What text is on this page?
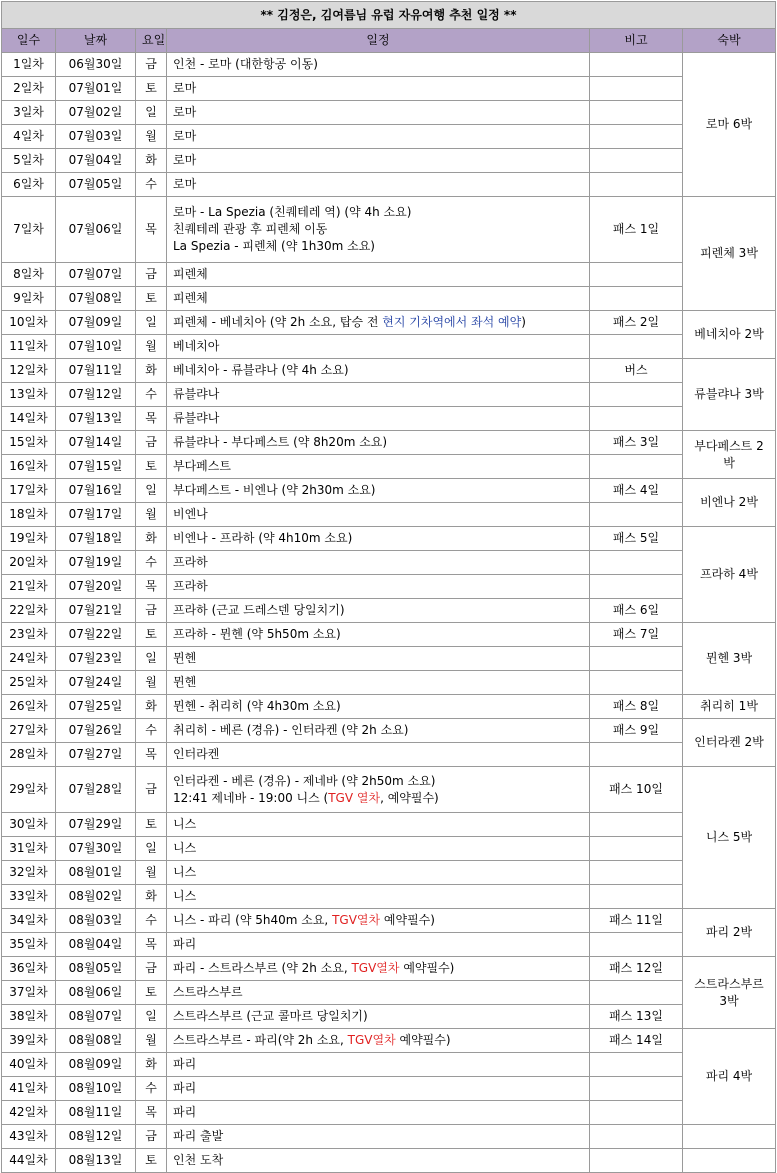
** 김정은, 김여름님 유럽 자유여행 추천 일정 **					
일수	날짜	요일	일정	비고	숙박
1일차	06월30일	금	인천 - 로마 (대한항공 이동)		로마 6박
2일차	07월01일	토	로마		
3일차	07월02일	일	로마		
4일차	07월03일	월	로마		
5일차	07월04일	화	로마		
6일차	07월05일	수	로마		
7일차	07월06일	목	로마 - La Spezia (친퀘테레 역) (약 4h 소요)
친퀘테레 관광 후 피렌체 이동
La Spezia - 피렌체 (약 1h30m 소요)	패스 1일	피렌체 3박
8일차	07월07일	금	피렌체		
9일차	07월08일	토	피렌체		
10일차	07월09일	일	피렌체 - 베네치아 (약 2h 소요, 탑승 전 현지 기차역에서 좌석 예약)	패스 2일	베네치아 2박
11일차	07월10일	월	베네치아		
12일차	07월11일	화	베네치아 - 류블랴나 (약 4h 소요)	버스	류블랴나 3박
13일차	07월12일	수	류블랴나		
14일차	07월13일	목	류블랴나		
15일차	07월14일	금	류블랴나 - 부다페스트 (약 8h20m 소요)	패스 3일	부다페스트 2박
16일차	07월15일	토	부다페스트		
17일차	07월16일	일	부다페스트 - 비엔나 (약 2h30m 소요)	패스 4일	비엔나 2박
18일차	07월17일	월	비엔나		
19일차	07월18일	화	비엔나 - 프라하 (약 4h10m 소요)	패스 5일	프라하 4박
20일차	07월19일	수	프라하		
21일차	07월20일	목	프라하		
22일차	07월21일	금	프라하 (근교 드레스덴 당일치기)	패스 6일	
23일차	07월22일	토	프라하 - 뮌헨 (약 5h50m 소요)	패스 7일	뮌헨 3박
24일차	07월23일	일	뮌헨		
25일차	07월24일	월	뮌헨		
26일차	07월25일	화	뮌헨 - 취리히 (약 4h30m 소요)	패스 8일	취리히 1박
27일차	07월26일	수	취리히 - 베른 (경유) - 인터라켄 (약 2h 소요)	패스 9일	인터라켄 2박
28일차	07월27일	목	인터라켄		
29일차	07월28일	금	인터라켄 - 베른 (경유) - 제네바 (약 2h50m 소요)
12:41 제네바 - 19:00 니스 (TGV 열차, 예약필수)	패스 10일	니스 5박
30일차	07월29일	토	니스		
31일차	07월30일	일	니스		
32일차	08월01일	월	니스		
33일차	08월02일	화	니스		
34일차	08월03일	수	니스 - 파리 (약 5h40m 소요, TGV열차 예약필수)	패스 11일	파리 2박
35일차	08월04일	목	파리		
36일차	08월05일	금	파리 - 스트라스부르 (약 2h 소요, TGV열차 예약필수)	패스 12일	스트라스부르 3박
37일차	08월06일	토	스트라스부르		
38일차	08월07일	일	스트라스부르 (근교 콜마르 당일치기)	패스 13일	
39일차	08월08일	월	스트라스부르 - 파리(약 2h 소요, TGV열차 예약필수)	패스 14일	파리 4박
40일차	08월09일	화	파리		
41일차	08월10일	수	파리		
42일차	08월11일	목	파리		
43일차	08월12일	금	파리 출발		
44일차	08월13일	토	인천 도착		
